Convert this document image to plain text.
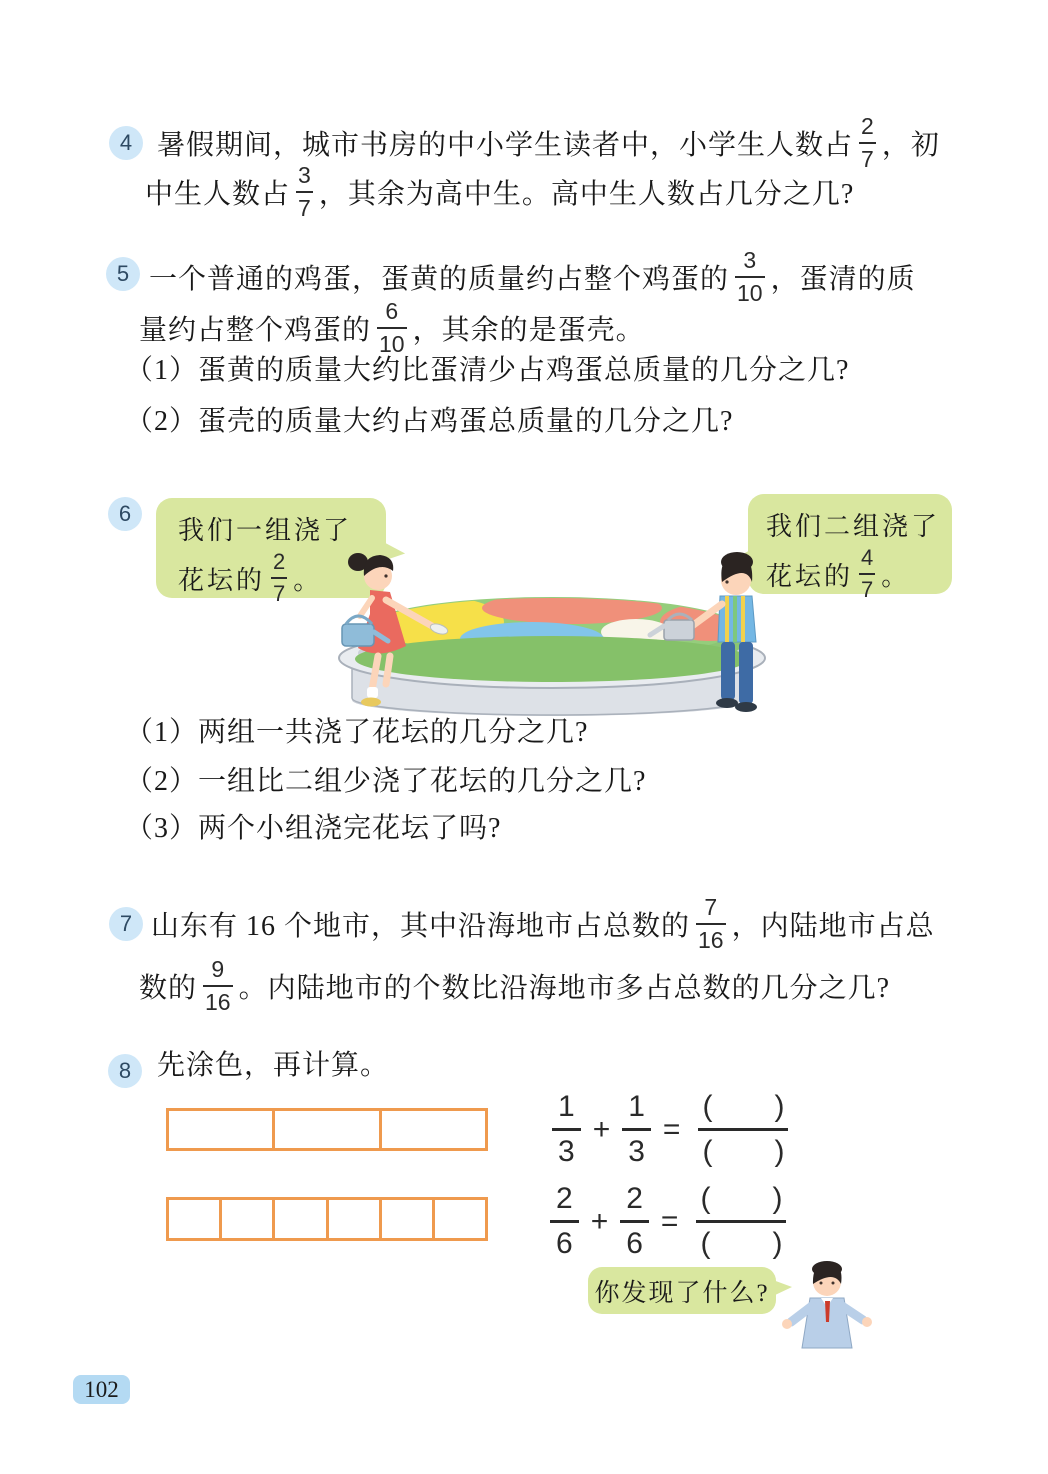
4 暑假期间，城市书房的中小学生读者中，小学生人数占 $\frac{2}{7}$ ，初
中生人数占 $\frac{3}{7}$ ，其余为高中生。高中生人数占几分之几?
5 一个普通的鸡蛋，蛋黄的质量约占整个鸡蛋的 $\frac{3}{10}$ ，蛋清的质
量约占整个鸡蛋的 $\frac{6}{10}$ ，其余的是蛋壳。
（1）蛋黄的质量大约比蛋清少占鸡蛋总质量的几分之几?
（2）蛋壳的质量大约占鸡蛋总质量的几分之几?
6
我们一组浇了
花坛的 $\frac{2}{7}$ 。
我们二组浇了
花坛的 $\frac{4}{7}$ 。
（1）两组一共浇了花坛的几分之几?
（2）一组比二组少浇了花坛的几分之几?
（3）两个小组浇完花坛了吗?
7 山东有 16 个地市，其中沿海地市占总数的 $\frac{7}{16}$ ，内陆地市占总
数的 $\frac{9}{16}$ 。内陆地市的个数比沿海地市多占总数的几分之几?
8 先涂色，再计算。
$\frac{1}{3} + \frac{1}{3}$ =
( )
( )
$\frac{2}{6} + \frac{2}{6}$ =
( )
( )
你发现了什么?
102
